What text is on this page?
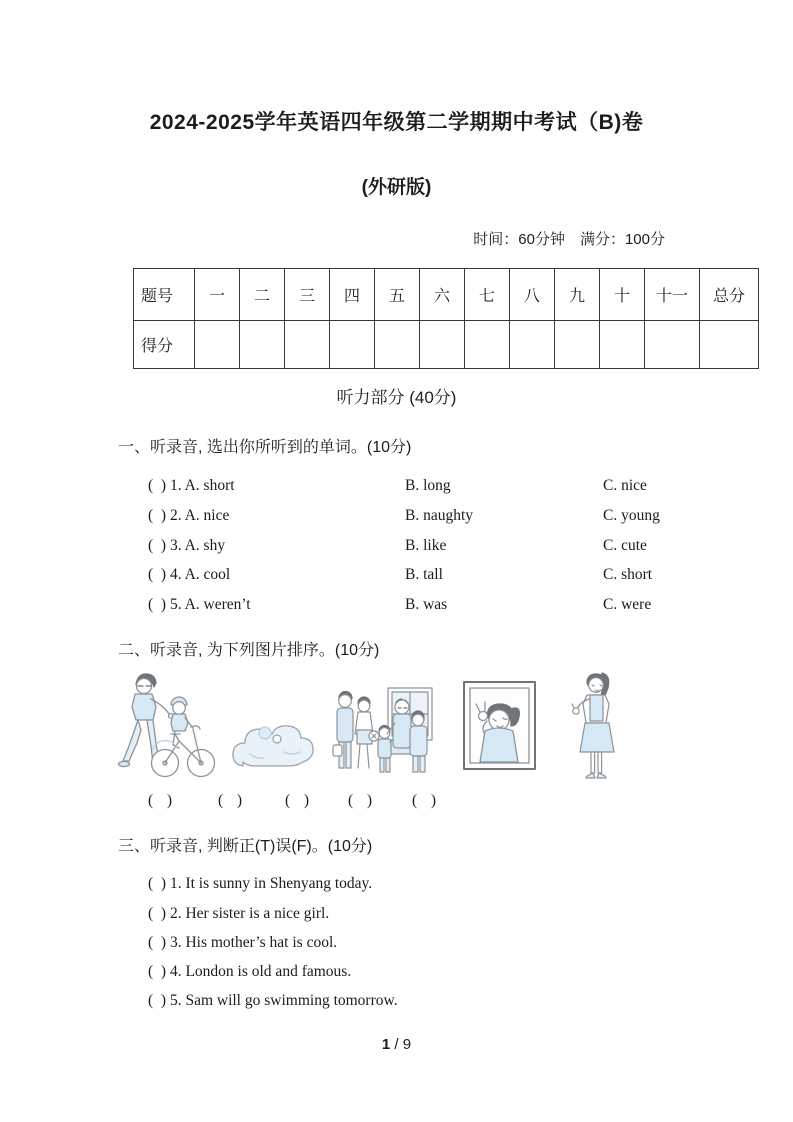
2024-2025学年英语四年级第二学期期中考试（B)卷
(外研版)
时间：60分钟　满分：100分
题号	一	二	三	四	五	六	七	八	九	十	十一	总分
得分												
听力部分 (40分)
一、听录音, 选出你所听到的单词。(10分)
(  ) 1. A. short	B. long	C. nice
(  ) 2. A. nice	B. naughty	C. young
(  ) 3. A. shy	B. like	C. cute
(  ) 4. A. cool	B. tall	C. short
(  ) 5. A. weren’t	B. was	C. were
二、听录音, 为下列图片排序。(10分)
(  )	(  )	(  ) (  ) (  )
三、听录音, 判断正(T)误(F)。(10分)
(  ) 1. It is sunny in Shenyang today.
(  ) 2. Her sister is a nice girl.
(  ) 3. His mother’s hat is cool.
(  ) 4. London is old and famous.
(  ) 5. Sam will go swimming tomorrow.
1 / 9
